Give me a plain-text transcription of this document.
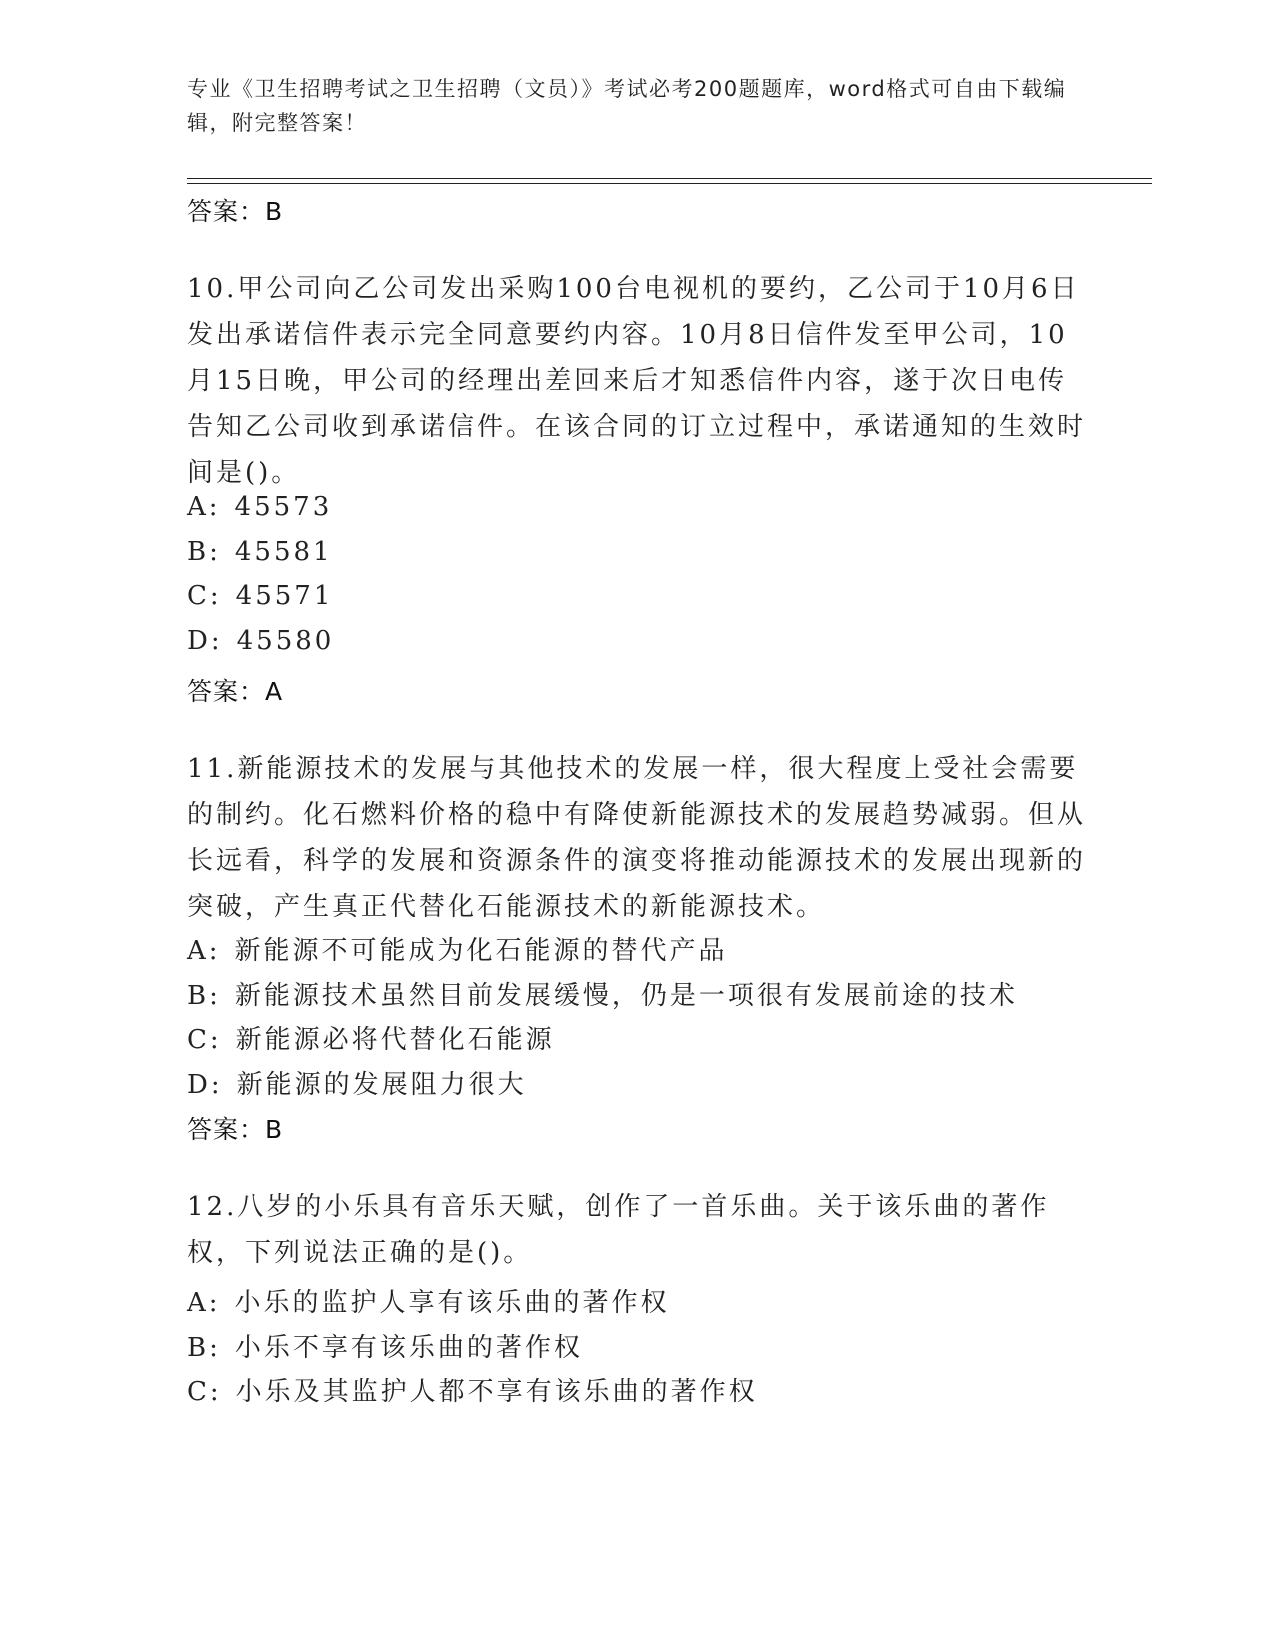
专业《卫生招聘考试之卫生招聘（文员）》考试必考200题题库，word格式可自由下载编辑，附完整答案！
答案：B
10.甲公司向乙公司发出采购100台电视机的要约，乙公司于10月6日发出承诺信件表示完全同意要约内容。10月8日信件发至甲公司，10月15日晚，甲公司的经理出差回来后才知悉信件内容，遂于次日电传告知乙公司收到承诺信件。在该合同的订立过程中，承诺通知的生效时间是()。
A: 45573
B: 45581
C: 45571
D: 45580
答案：A
11.新能源技术的发展与其他技术的发展一样，很大程度上受社会需要的制约。化石燃料价格的稳中有降使新能源技术的发展趋势减弱。但从长远看，科学的发展和资源条件的演变将推动能源技术的发展出现新的突破，产生真正代替化石能源技术的新能源技术。
A: 新能源不可能成为化石能源的替代产品
B: 新能源技术虽然目前发展缓慢，仍是一项很有发展前途的技术
C: 新能源必将代替化石能源
D: 新能源的发展阻力很大
答案：B
12.八岁的小乐具有音乐天赋，创作了一首乐曲。关于该乐曲的著作权，下列说法正确的是()。
A: 小乐的监护人享有该乐曲的著作权
B: 小乐不享有该乐曲的著作权
C: 小乐及其监护人都不享有该乐曲的著作权
